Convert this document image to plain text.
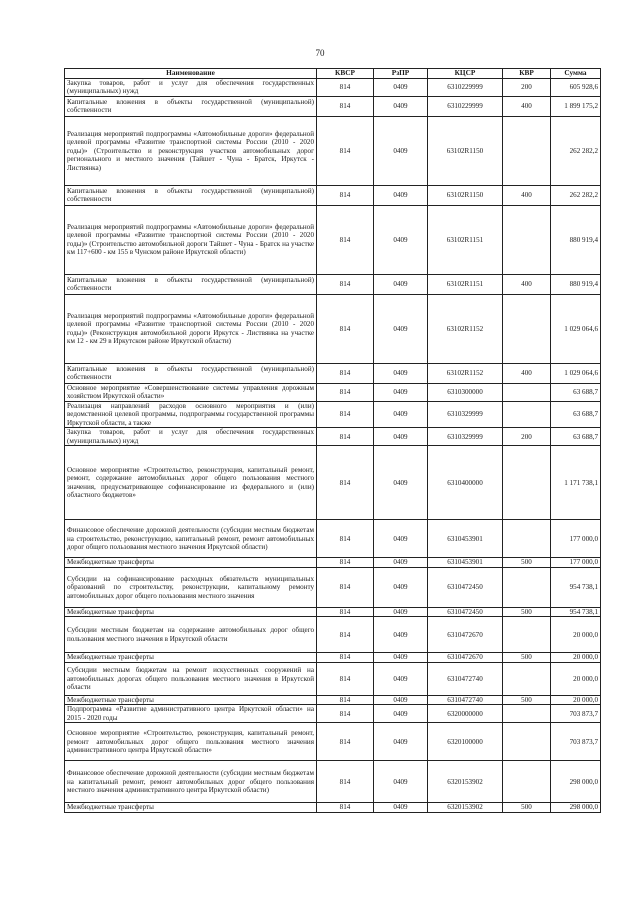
70
Наименование	КВСР	РзПР	КЦСР	КВР	Сумма
Закупка товаров, работ и услуг для обеспечения государственных (муниципальных) нужд	814	0409	6310229999	200	605 928,6
Капитальные вложения в объекты государственной (муниципальной) собственности	814	0409	6310229999	400	1 899 175,2
Реализация мероприятий подпрограммы «Автомобильные дороги» федеральной целевой программы «Развитие транспортной системы России (2010 - 2020 годы)» (Строительство и реконструкция участков автомобильных дорог регионального и местного значения (Тайшет - Чуна - Братск, Иркутск - Листвянка)	814	0409	63102R1150		262 282,2
Капитальные вложения в объекты государственной (муниципальной) собственности	814	0409	63102R1150	400	262 282,2
Реализация мероприятий подпрограммы «Автомобильные дороги» федеральной целевой программы «Развитие транспортной системы России (2010 - 2020 годы)» (Строительство автомобильной дороги Тайшет - Чуна - Братск на участке км 117+600 - км 155 в Чунском районе Иркутской области)	814	0409	63102R1151		880 919,4
Капитальные вложения в объекты государственной (муниципальной) собственности	814	0409	63102R1151	400	880 919,4
Реализация мероприятий подпрограммы «Автомобильные дороги» федеральной целевой программы «Развитие транспортной системы России (2010 - 2020 годы)» (Реконструкция автомобильной дороги Иркутск - Листвянка на участке км 12 - км 29 в Иркутском районе Иркутской области)	814	0409	63102R1152		1 029 064,6
Капитальные вложения в объекты государственной (муниципальной) собственности	814	0409	63102R1152	400	1 029 064,6
Основное мероприятие «Совершенствование системы управления дорожным хозяйством Иркутской области»	814	0409	6310300000		63 688,7
Реализация направлений расходов основного мероприятия и (или) ведомственной целевой программы, подпрограммы государственной программы Иркутской области, а также	814	0409	6310329999		63 688,7
Закупка товаров, работ и услуг для обеспечения государственных (муниципальных) нужд	814	0409	6310329999	200	63 688,7
Основное мероприятие «Строительство, реконструкция, капитальный ремонт, ремонт, содержание автомобильных дорог общего пользования местного значения, предусматривающее софинансирование из федерального и (или) областного бюджетов»	814	0409	6310400000		1 171 738,1
Финансовое обеспечение дорожной деятельности (субсидии местным бюджетам на строительство, реконструкцию, капитальный ремонт, ремонт автомобильных дорог общего пользования местного значения Иркутской области)	814	0409	6310453901		177 000,0
Межбюджетные трансферты	814	0409	6310453901	500	177 000,0
Субсидии на софинансирование расходных обязательств муниципальных образований по строительству, реконструкции, капитальному ремонту автомобильных дорог общего пользования местного значения	814	0409	6310472450		954 738,1
Межбюджетные трансферты	814	0409	6310472450	500	954 738,1
Субсидии местным бюджетам на содержание автомобильных дорог общего пользования местного значения в Иркутской области	814	0409	6310472670		20 000,0
Межбюджетные трансферты	814	0409	6310472670	500	20 000,0
Субсидии местным бюджетам на ремонт искусственных сооружений на автомобильных дорогах общего пользования местного значения в Иркутской области	814	0409	6310472740		20 000,0
Межбюджетные трансферты	814	0409	6310472740	500	20 000,0
Подпрограмма «Развитие административного центра Иркутской области» на 2015 - 2020 годы	814	0409	6320000000		703 873,7
Основное мероприятие «Строительство, реконструкция, капитальный ремонт, ремонт автомобильных дорог общего пользования местного значения административного центра Иркутской области»	814	0409	6320100000		703 873,7
Финансовое обеспечение дорожной деятельности (субсидии местным бюджетам на капитальный ремонт, ремонт автомобильных дорог общего пользования местного значения административного центра Иркутской области)	814	0409	6320153902		298 000,0
Межбюджетные трансферты	814	0409	6320153902	500	298 000,0
